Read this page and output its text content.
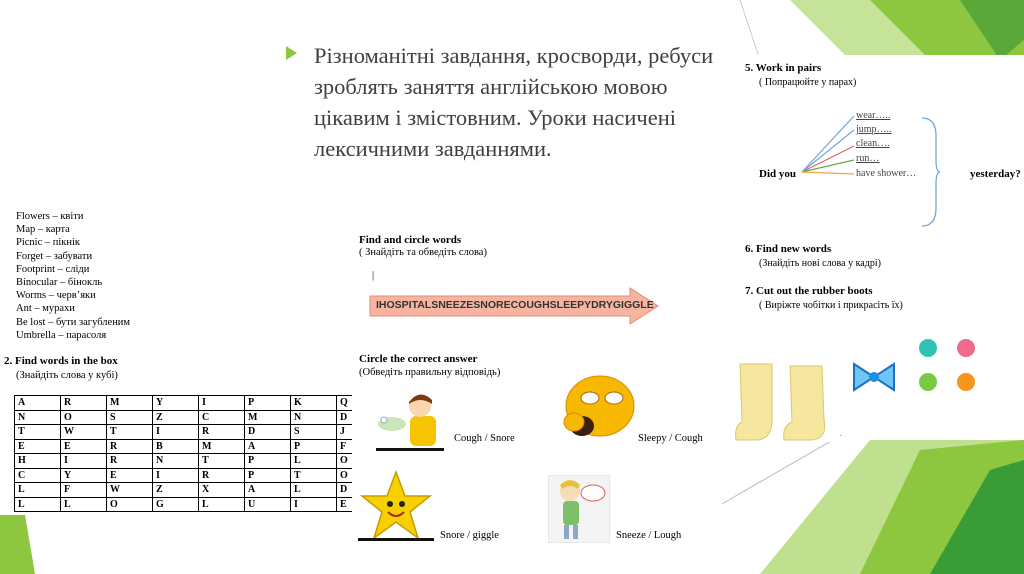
Різноманітні завдання, кросворди, ребуси зроблять заняття англійською мовою цікавим і змістовним. Уроки насичені лексичними завданнями.
Flowers – квіти
Map – карта
Picnic – пікнік
Forget – забувати
Footprint – сліди
Binocular – бінокль
Worms – черв’яки
Ant – мурахи
Be lost – бути загубленим
Umbrella – парасоля
2. Find words in the box
(Знайдіть слова у кубі)
A	R	M	Y	I	P	K	Q
N	O	S	Z	C	M	N	D
T	W	T	I	R	D	S	J
E	E	R	B	M	A	P	F
H	I	R	N	T	P	L	O
C	Y	E	I	R	P	T	O
L	F	W	Z	X	A	L	D
L	L	O	G	L	U	I	E
Find and circle words
( Знайдіть та обведіть слова)
|
IHOSPITALSNEEZESNORECOUGHSLEEPYDRYGIGGLE
Circle the correct answer
(Обведіть правильну відповідь)
Cough / Snore	Sleepy / Cough
Snore / giggle	Sneeze / Lough
5. Work in pairs
( Попрацюйте у парах)
wear…..
jump…..
clean….
run…
have shower…
Did you	yesterday?
6. Find new words
(Знайдіть нові слова у кадрі)
7. Cut out the rubber boots
( Виріжте чобітки і прикрасіть їх)
